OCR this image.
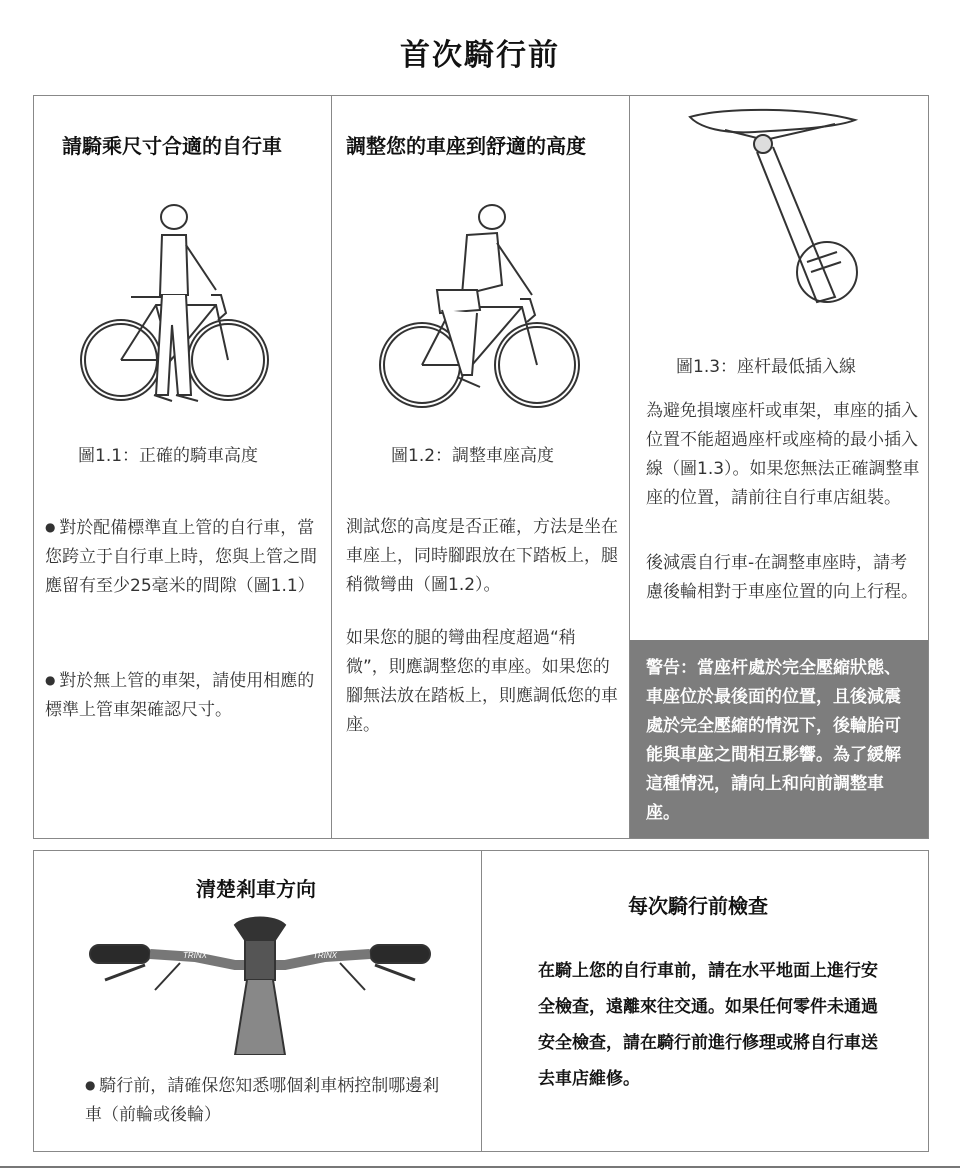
首次騎行前
請騎乘尺寸合適的自行車
圖1.1：正確的騎車高度
● 對於配備標準直上管的自行車，當您跨立于自行車上時，您與上管之間應留有至少25毫米的間隙（圖1.1）
● 對於無上管的車架，請使用相應的標準上管車架確認尺寸。
調整您的車座到舒適的高度
圖1.2：調整車座高度
測試您的高度是否正確，方法是坐在車座上，同時腳跟放在下踏板上，腿稍微彎曲（圖1.2）。
如果您的腿的彎曲程度超過“稍微”，則應調整您的車座。如果您的腳無法放在踏板上，則應調低您的車座。
圖1.3：座杆最低插入線
為避免損壞座杆或車架，車座的插入位置不能超過座杆或座椅的最小插入線（圖1.3）。如果您無法正確調整車座的位置，請前往自行車店組裝。
後減震自行車-在調整車座時，請考慮後輪相對于車座位置的向上行程。
警告：當座杆處於完全壓縮狀態、車座位於最後面的位置，且後減震處於完全壓縮的情況下，後輪胎可能與車座之間相互影響。為了緩解這種情況，請向上和向前調整車座。
清楚剎車方向
TRINX	TRINX
● 騎行前，請確保您知悉哪個剎車柄控制哪邊剎車（前輪或後輪）
每次騎行前檢查
在騎上您的自行車前，請在水平地面上進行安全檢查，遠離來往交通。如果任何零件未通過安全檢查，請在騎行前進行修理或將自行車送去車店維修。
